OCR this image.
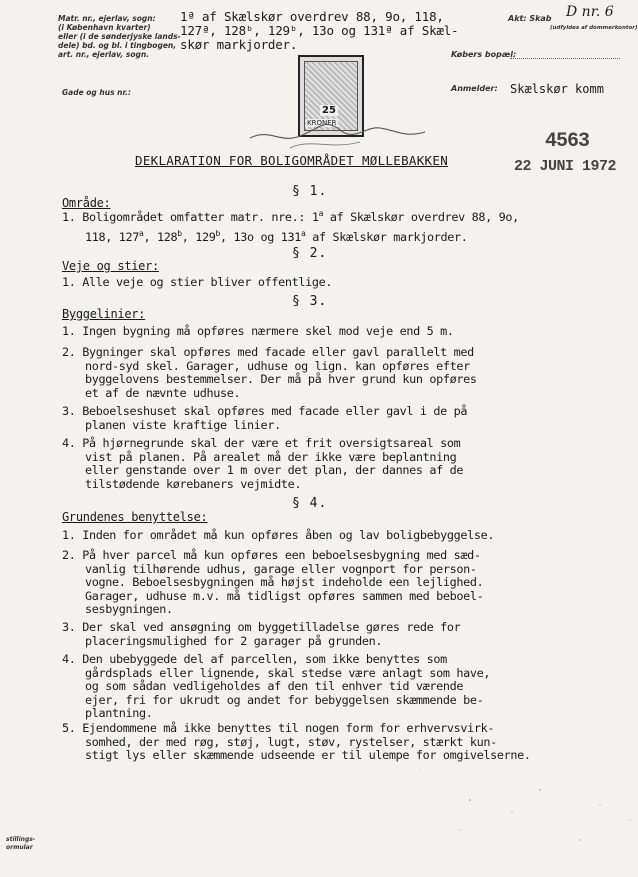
Matr. nr., ejerlav, sogn:
(i København kvarter)
eller (i de sønderjyske lands-
dele) bd. og bl. i tingbogen,
art. nr., ejerlav, sogn.
Gade og hus nr.:
1ª af Skælskør overdrev 88, 9o, 118,
127ª, 128ᵇ, 129ᵇ, 13o og 131ª af Skæl-
skør markjorder.
Akt: Skab D nr. 6
(udfyldes af dommerkontor)
Købers bopæl:
Anmelder: Skælskør komm
25
KRONER
4563
22 JUNI 1972
DEKLARATION FOR BOLIGOMRÅDET MØLLEBAKKEN
§ 1.
Område:
1. Boligområdet omfatter matr. nre.: 1$^a$ af Skælskør overdrev 88, 9o,
118, 127$^a$, 128$^b$, 129$^b$, 13o og 131$^a$ af Skælskør markjorder.
§ 2.
Veje og stier:
1. Alle veje og stier bliver offentlige.
§ 3.
Byggelinier:
1. Ingen bygning må opføres nærmere skel mod veje end 5 m.
2. Bygninger skal opføres med facade eller gavl parallelt med
nord-syd skel. Garager, udhuse og lign. kan opføres efter
byggelovens bestemmelser. Der må på hver grund kun opføres
et af de nævnte udhuse.
3. Beboelseshuset skal opføres med facade eller gavl i de på
planen viste kraftige linier.
4. På hjørnegrunde skal der være et frit oversigtsareal som
vist på planen. På arealet må der ikke være beplantning
eller genstande over 1 m over det plan, der dannes af de
tilstødende kørebaners vejmidte.
§ 4.
Grundenes benyttelse:
1. Inden for området må kun opføres åben og lav boligbebyggelse.
2. På hver parcel må kun opføres een beboelsesbygning med sæd-
vanlig tilhørende udhus, garage eller vognport for person-
vogne. Beboelsesbygningen må højst indeholde een lejlighed.
Garager, udhuse m.v. må tidligst opføres sammen med beboel-
sesbygningen.
3. Der skal ved ansøgning om byggetilladelse gøres rede for
placeringsmulighed for 2 garager på grunden.
4. Den ubebyggede del af parcellen, som ikke benyttes som
gårdsplads eller lignende, skal stedse være anlagt som have,
og som sådan vedligeholdes af den til enhver tid værende
ejer, fri for ukrudt og andet for bebyggelsen skæmmende be-
plantning.
5. Ejendommene må ikke benyttes til nogen form for erhvervsvirk-
somhed, der med røg, støj, lugt, støv, rystelser, stærkt kun-
stigt lys eller skæmmende udseende er til ulempe for omgivelserne.
stillings-
ormular
